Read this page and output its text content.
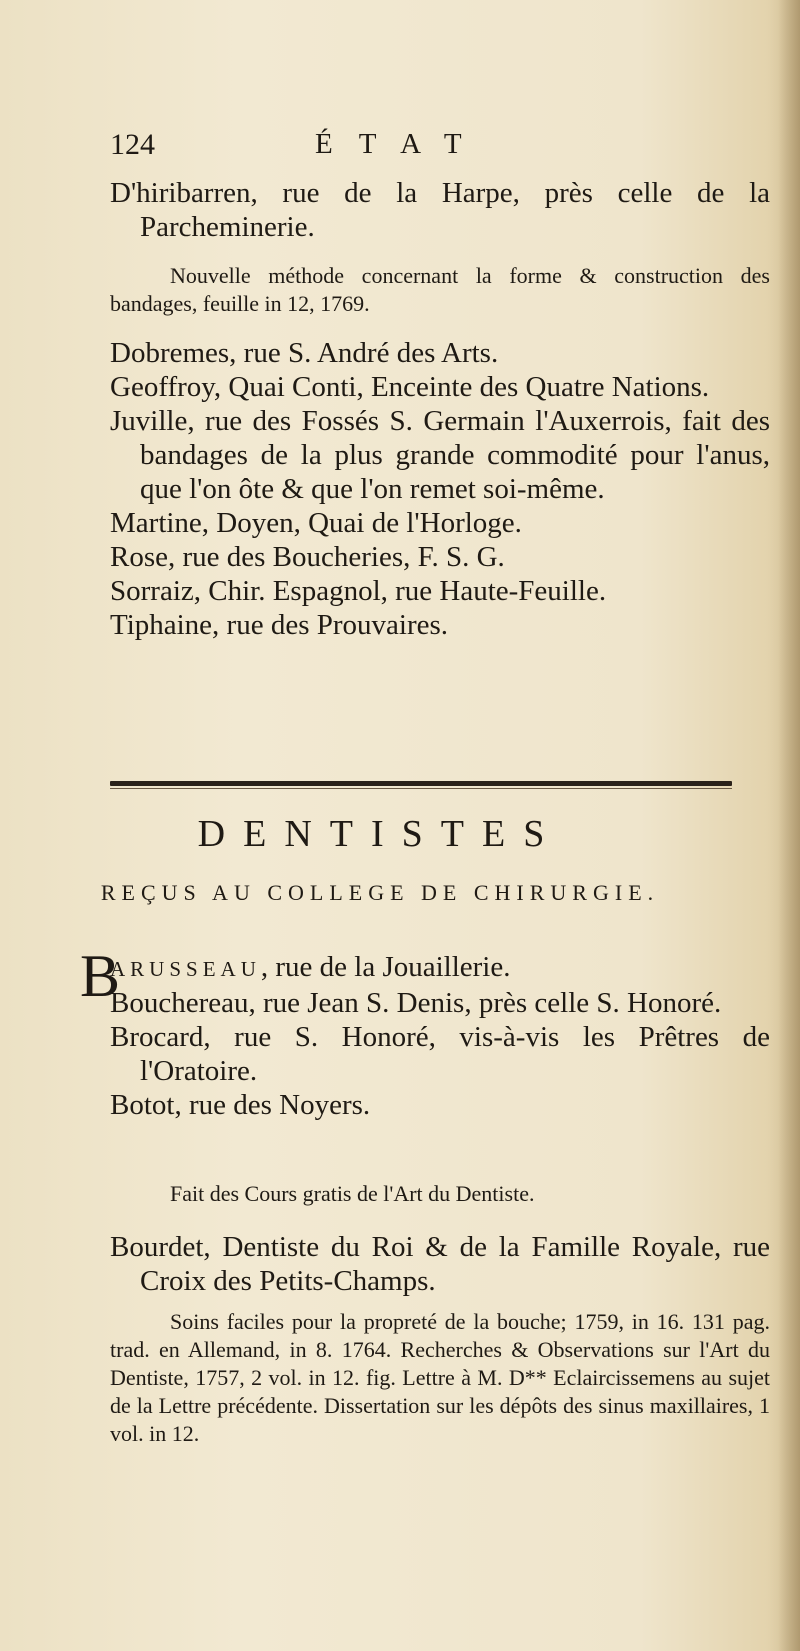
124	ÉTAT

D'hiribarren, rue de la Harpe, près celle de la Parcheminerie.

Nouvelle méthode concernant la forme & construction des bandages, feuille in 12, 1769.

Dobremes, rue S. André des Arts.

Geoffroy, Quai Conti, Enceinte des Quatre Nations.

Juville, rue des Fossés S. Germain l'Auxerrois, fait des bandages de la plus grande commodité pour l'anus, que l'on ôte & que l'on remet soi-même.

Martine, Doyen, Quai de l'Horloge.

Rose, rue des Boucheries, F. S. G.

Sorraiz, Chir. Espagnol, rue Haute-Feuille.

Tiphaine, rue des Prouvaires.

DENTISTES
REÇUS AU COLLEGE DE CHIRURGIE.

B
ARUSSEAU, rue de la Jouaillerie.

Bouchereau, rue Jean S. Denis, près celle S. Honoré.

Brocard, rue S. Honoré, vis-à-vis les Prêtres de l'Oratoire.

Botot, rue des Noyers.

Fait des Cours gratis de l'Art du Dentiste.

Bourdet, Dentiste du Roi & de la Famille Royale, rue Croix des Petits-Champs.

Soins faciles pour la propreté de la bouche; 1759, in 16. 131 pag. trad. en Allemand, in 8. 1764. Recherches & Observations sur l'Art du Dentiste, 1757, 2 vol. in 12. fig. Lettre à M. D** Eclaircissemens au sujet de la Lettre précédente. Dissertation sur les dépôts des sinus maxillaires, 1 vol. in 12.
